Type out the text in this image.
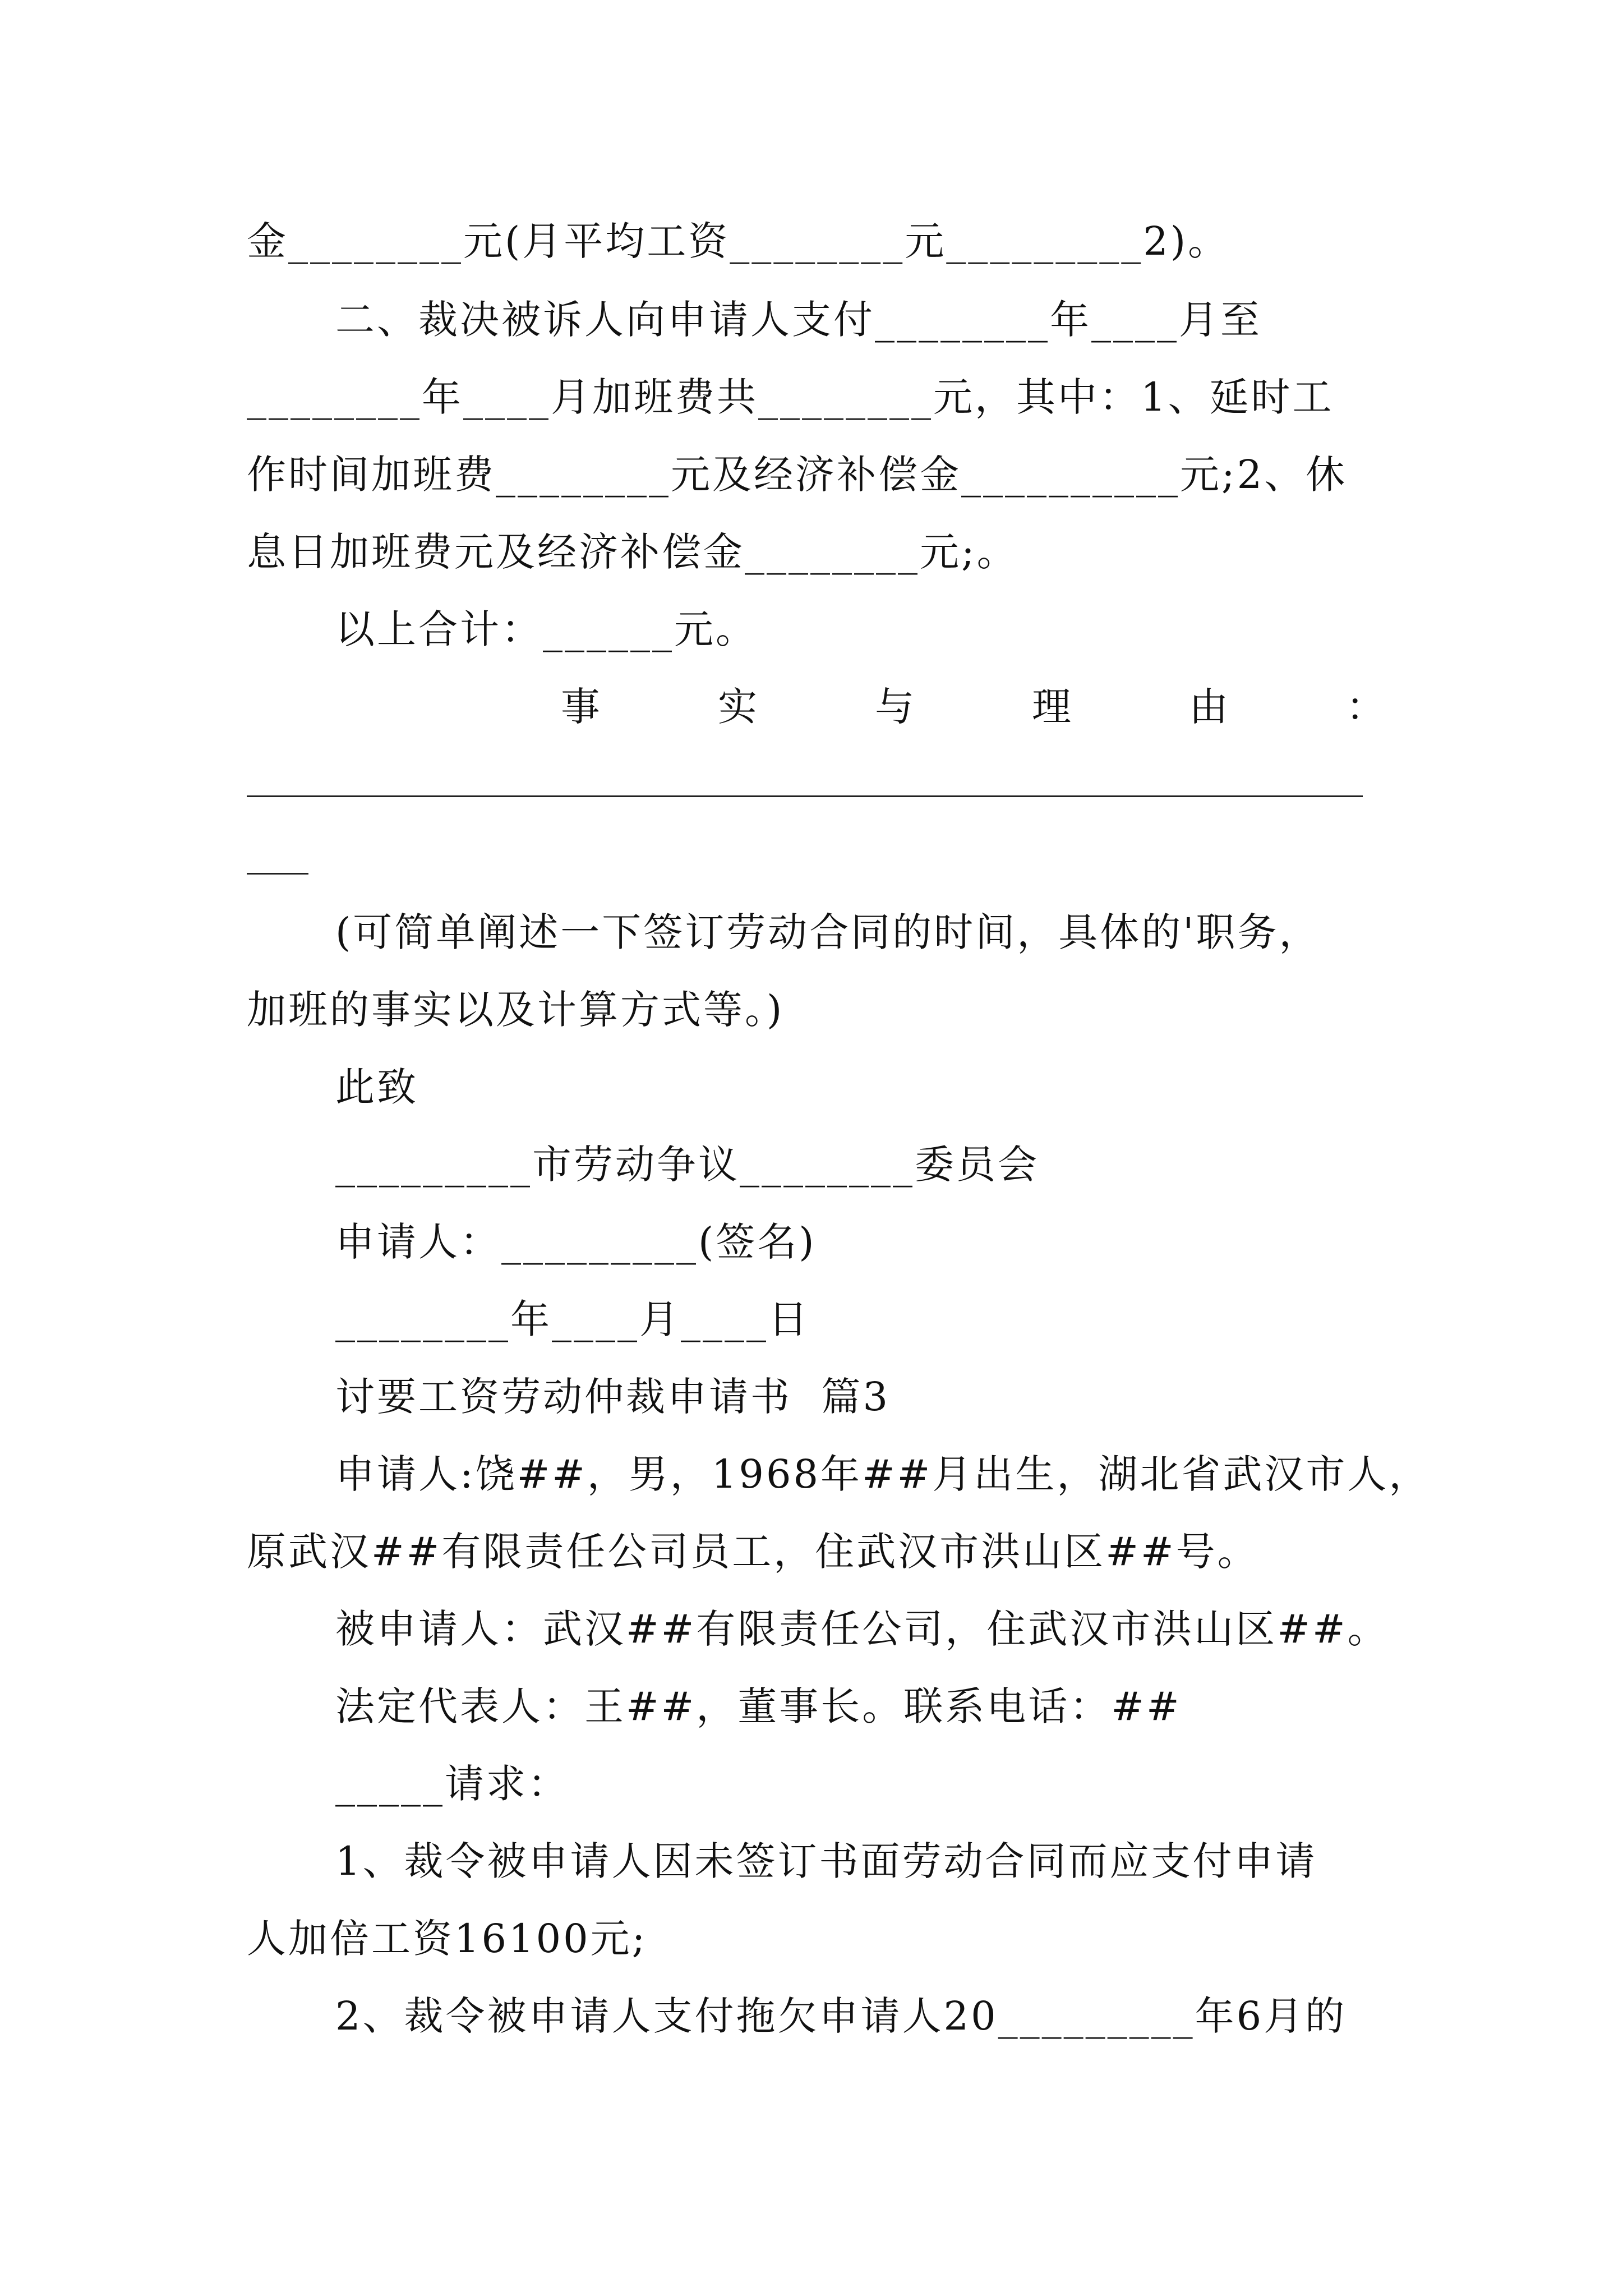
金________元(月平均工资________元_________2)。
二、裁决被诉人向申请人支付________年____月至
________年____月加班费共________元，其中：1、延时工
作时间加班费________元及经济补偿金__________元;2、休
息日加班费元及经济补偿金________元;。
以上合计：______元。
事	实	与	理	由	：
(可简单阐述一下签订劳动合同的时间，具体的'职务，
加班的事实以及计算方式等。)
此致
_________市劳动争议________委员会
申请人：_________(签名)
________年____月____日
讨要工资劳动仲裁申请书  篇3
申请人:饶##，男，1968年##月出生，湖北省武汉市人，
原武汉##有限责任公司员工，住武汉市洪山区##号。
被申请人：武汉##有限责任公司，住武汉市洪山区##。
法定代表人：王##，董事长。联系电话：##
_____请求：
1、裁令被申请人因未签订书面劳动合同而应支付申请
人加倍工资16100元;
2、裁令被申请人支付拖欠申请人20_________年6月的
